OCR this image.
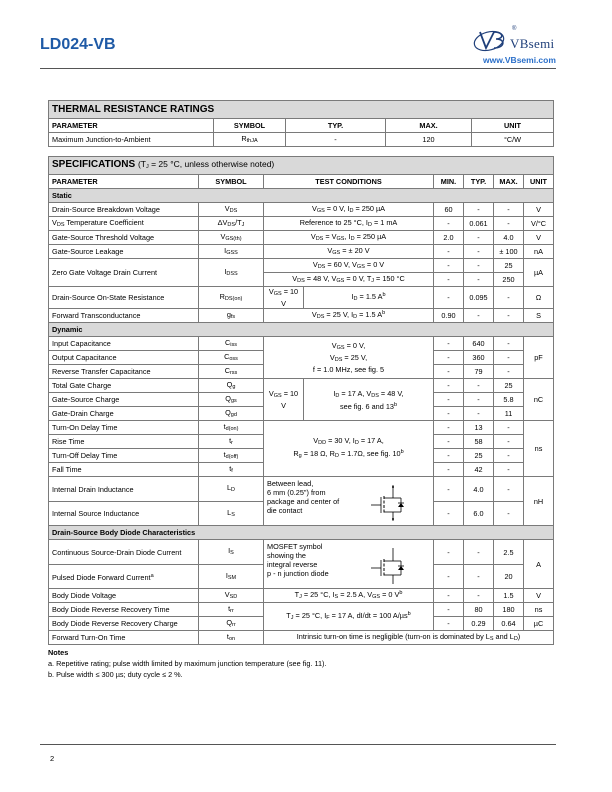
LD024-VB
®
VBsemi
www.VBsemi.com
THERMAL RESISTANCE RATINGS				
PARAMETER	SYMBOL	TYP.	MAX.	UNIT
Maximum Junction-to-Ambient	$R_{thJA}$	-	120	°C/W
SPECIFICATIONS ($T_J = 25$ °C, unless otherwise noted)							
PARAMETER	SYMBOL	TEST CONDITIONS		MIN.	TYP.	MAX.	UNIT
Static							
Drain-Source Breakdown Voltage	$V_{DS}$	$V_{GS} = 0$ V, $I_D = 250$ µA		60	-	-	V
$V_{DS}$ Temperature Coefficient	$\Delta V_{DS}/T_J$	Reference to 25 °C, $I_D = 1$ mA		-	0.061	-	V/°C
Gate-Source Threshold Voltage	$V_{GS(th)}$	$V_{DS} = V_{GS}$, $I_D = 250$ µA		2.0	-	4.0	V
Gate-Source Leakage	$I_{GSS}$	$V_{GS}$ = ± 20 V		-	-	± 100	nA
Zero Gate Voltage Drain Current	$I_{DSS}$	$V_{DS} = 60$ V, $V_{GS} = 0$ V		-	-	25	µA
		$V_{DS} = 48$ V, $V_{GS} = 0$ V, $T_J = 150$ °C		-	-	250	
Drain-Source On-State Resistance	$R_{DS(on)}$	$V_{GS} = 10$ V	$I_D = 1.5$ $A^b$	-	0.095	-	Ω
Forward Transconductance	$g_{fs}$	$V_{DS} = 25$ V, $I_D = 1.5$ $A^b$		0.90	-	-	S
Dynamic							
Input Capacitance	$C_{iss}$	$V_{GS} = 0$ V,
$V_{DS} = 25$ V,
f = 1.0 MHz, see fig. 5		-	640	-	pF
Output Capacitance	$C_{oss}$			-	360	-	
Reverse Transfer Capacitance	$C_{rss}$			-	79	-	
Total Gate Charge	$Q_g$	$V_{GS} = 10$ V	$I_D = 17$ A, $V_{DS} = 48$ V,
see fig. 6 and 13$^b$	-	-	25	nC
Gate-Source Charge	$Q_{gs}$			-	-	5.8	
Gate-Drain Charge	$Q_{gd}$			-	-	11	
Turn-On Delay Time	$t_{d(on)}$	$V_{DD} = 30$ V, $I_D = 17$ A,
$R_g = 18$ Ω, $R_D = 1.7\Omega$, see fig. 10$^b$		-	13	-	ns
Rise Time	$t_r$			-	58	-	
Turn-Off Delay Time	$t_{d(off)}$			-	25	-	
Fall Time	$t_f$			-	42	-	
Internal Drain Inductance	$L_D$	Between lead,
6 mm (0.25") from
package and center of
die contact		-	4.0	-	nH
Internal Source Inductance	$L_S$			-	6.0	-	
Drain-Source Body Diode Characteristics							
Continuous Source-Drain Diode Current	$I_S$	MOSFET symbol
showing the
integral reverse
p - n junction diode		-	-	2.5	A
Pulsed Diode Forward Current$^a$	$I_{SM}$			-	-	20	
Body Diode Voltage	$V_{SD}$	$T_J = 25$ °C, $I_S = 2.5$ A, $V_{GS} = 0$ $V^b$		-	-	1.5	V
Body Diode Reverse Recovery Time	$t_{rr}$	$T_J = 25$ °C, $I_F = 17$ A, dI/dt = 100 A/µs$^b$		-	80	180	ns
Body Diode Reverse Recovery Charge	$Q_{rr}$			-	0.29	0.64	µC
Forward Turn-On Time	$t_{on}$	Intrinsic turn-on time is negligible (turn-on is dominated by $L_S$ and $L_D$)					
Notes
a. Repetitive rating; pulse width limited by maximum junction temperature (see fig. 11).
b. Pulse width ≤ 300 µs; duty cycle ≤ 2 %.
2
